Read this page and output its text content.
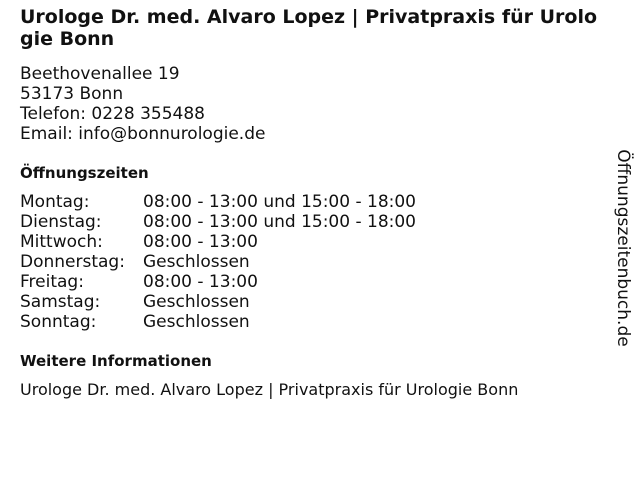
Urologe Dr. med. Alvaro Lopez | Privatpraxis für Urologie Bonn
Beethovenallee 19
53173 Bonn
Telefon: 0228 355488
Email: info@bonnurologie.de
Öffnungszeiten
Montag:	08:00 - 13:00 und 15:00 - 18:00
Dienstag:	08:00 - 13:00 und 15:00 - 18:00
Mittwoch:	08:00 - 13:00
Donnerstag:	Geschlossen
Freitag:	08:00 - 13:00
Samstag:	Geschlossen
Sonntag:	Geschlossen
Weitere Informationen
Urologe Dr. med. Alvaro Lopez | Privatpraxis für Urologie Bonn
Öffnungszeitenbuch.de
